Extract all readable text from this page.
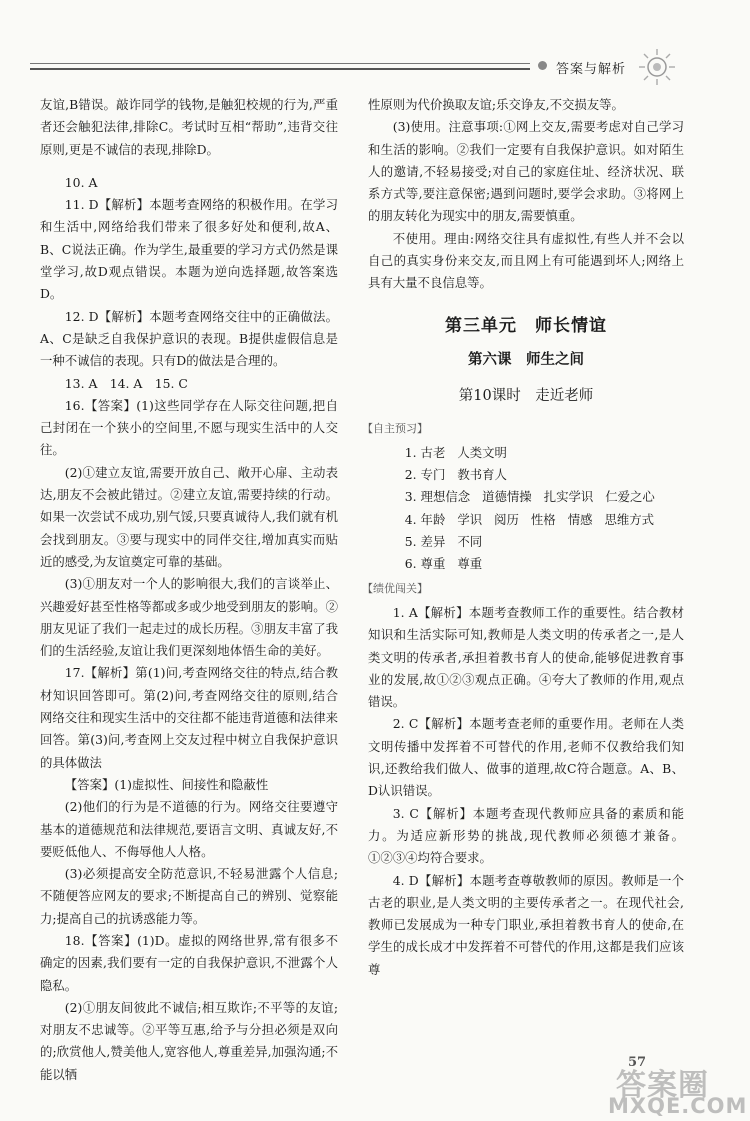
答案与解析

友谊,B错误。敲诈同学的钱物,是触犯校规的行为,严重者还会触犯法律,排除C。考试时互相“帮助”,违背交往原则,更是不诚信的表现,排除D。

10. A

11. D【解析】本题考查网络的积极作用。在学习和生活中,网络给我们带来了很多好处和便利,故A、B、C说法正确。作为学生,最重要的学习方式仍然是课堂学习,故D观点错误。本题为逆向选择题,故答案选D。

12. D【解析】本题考查网络交往中的正确做法。A、C是缺乏自我保护意识的表现。B提供虚假信息是一种不诚信的表现。只有D的做法是合理的。

13. A　14. A　15. C

16.【答案】(1)这些同学存在人际交往问题,把自己封闭在一个狭小的空间里,不愿与现实生活中的人交往。

(2)①建立友谊,需要开放自己、敞开心扉、主动表达,朋友不会被此错过。②建立友谊,需要持续的行动。如果一次尝试不成功,别气馁,只要真诚待人,我们就有机会找到朋友。③要与现实中的同伴交往,增加真实而贴近的感受,为友谊奠定可靠的基础。

(3)①朋友对一个人的影响很大,我们的言谈举止、兴趣爱好甚至性格等都或多或少地受到朋友的影响。②朋友见证了我们一起走过的成长历程。③朋友丰富了我们的生活经验,友谊让我们更深刻地体悟生命的美好。

17.【解析】第(1)问,考查网络交往的特点,结合教材知识回答即可。第(2)问,考查网络交往的原则,结合网络交往和现实生活中的交往都不能违背道德和法律来回答。第(3)问,考查网上交友过程中树立自我保护意识的具体做法

【答案】(1)虚拟性、间接性和隐蔽性

(2)他们的行为是不道德的行为。网络交往要遵守基本的道德规范和法律规范,要语言文明、真诚友好,不要贬低他人、不侮辱他人人格。

(3)必须提高安全防范意识,不轻易泄露个人信息;不随便答应网友的要求;不断提高自己的辨别、觉察能力;提高自己的抗诱惑能力等。

18.【答案】(1)D。虚拟的网络世界,常有很多不确定的因素,我们要有一定的自我保护意识,不泄露个人隐私。

(2)①朋友间彼此不诚信;相互欺诈;不平等的友谊;对朋友不忠诚等。②平等互惠,给予与分担必须是双向的;欣赏他人,赞美他人,宽容他人,尊重差异,加强沟通;不能以牺

性原则为代价换取友谊;乐交诤友,不交损友等。

(3)使用。注意事项:①网上交友,需要考虑对自己学习和生活的影响。②我们一定要有自我保护意识。如对陌生人的邀请,不轻易接受;对自己的家庭住址、经济状况、联系方式等,要注意保密;遇到问题时,要学会求助。③将网上的朋友转化为现实中的朋友,需要慎重。

不使用。理由:网络交往具有虚拟性,有些人并不会以自己的真实身份来交友,而且网上有可能遇到坏人;网络上具有大量不良信息等。

第三单元　师长情谊
第六课　师生之间
第10课时　走近老师
【自主预习】

1. 古老 人类文明

2. 专门 教书育人

3. 理想信念 道德情操 扎实学识 仁爱之心

4. 年龄 学识 阅历 性格 情感 思维方式

5. 差异 不同

6. 尊重 尊重

【绩优闯关】

1. A【解析】本题考查教师工作的重要性。结合教材知识和生活实际可知,教师是人类文明的传承者之一,是人类文明的传承者,承担着教书育人的使命,能够促进教育事业的发展,故①②③观点正确。④夸大了教师的作用,观点错误。

2. C【解析】本题考查老师的重要作用。老师在人类文明传播中发挥着不可替代的作用,老师不仅教给我们知识,还教给我们做人、做事的道理,故C符合题意。A、B、D认识错误。

3. C【解析】本题考查现代教师应具备的素质和能力。为适应新形势的挑战,现代教师必须德才兼备。①②③④均符合要求。

4. D【解析】本题考查尊敬教师的原因。教师是一个古老的职业,是人类文明的主要传承者之一。在现代社会,教师已发展成为一种专门职业,承担着教书育人的使命,在学生的成长成才中发挥着不可替代的作用,这都是我们应该尊

57
答案圈
MXQE.COM
